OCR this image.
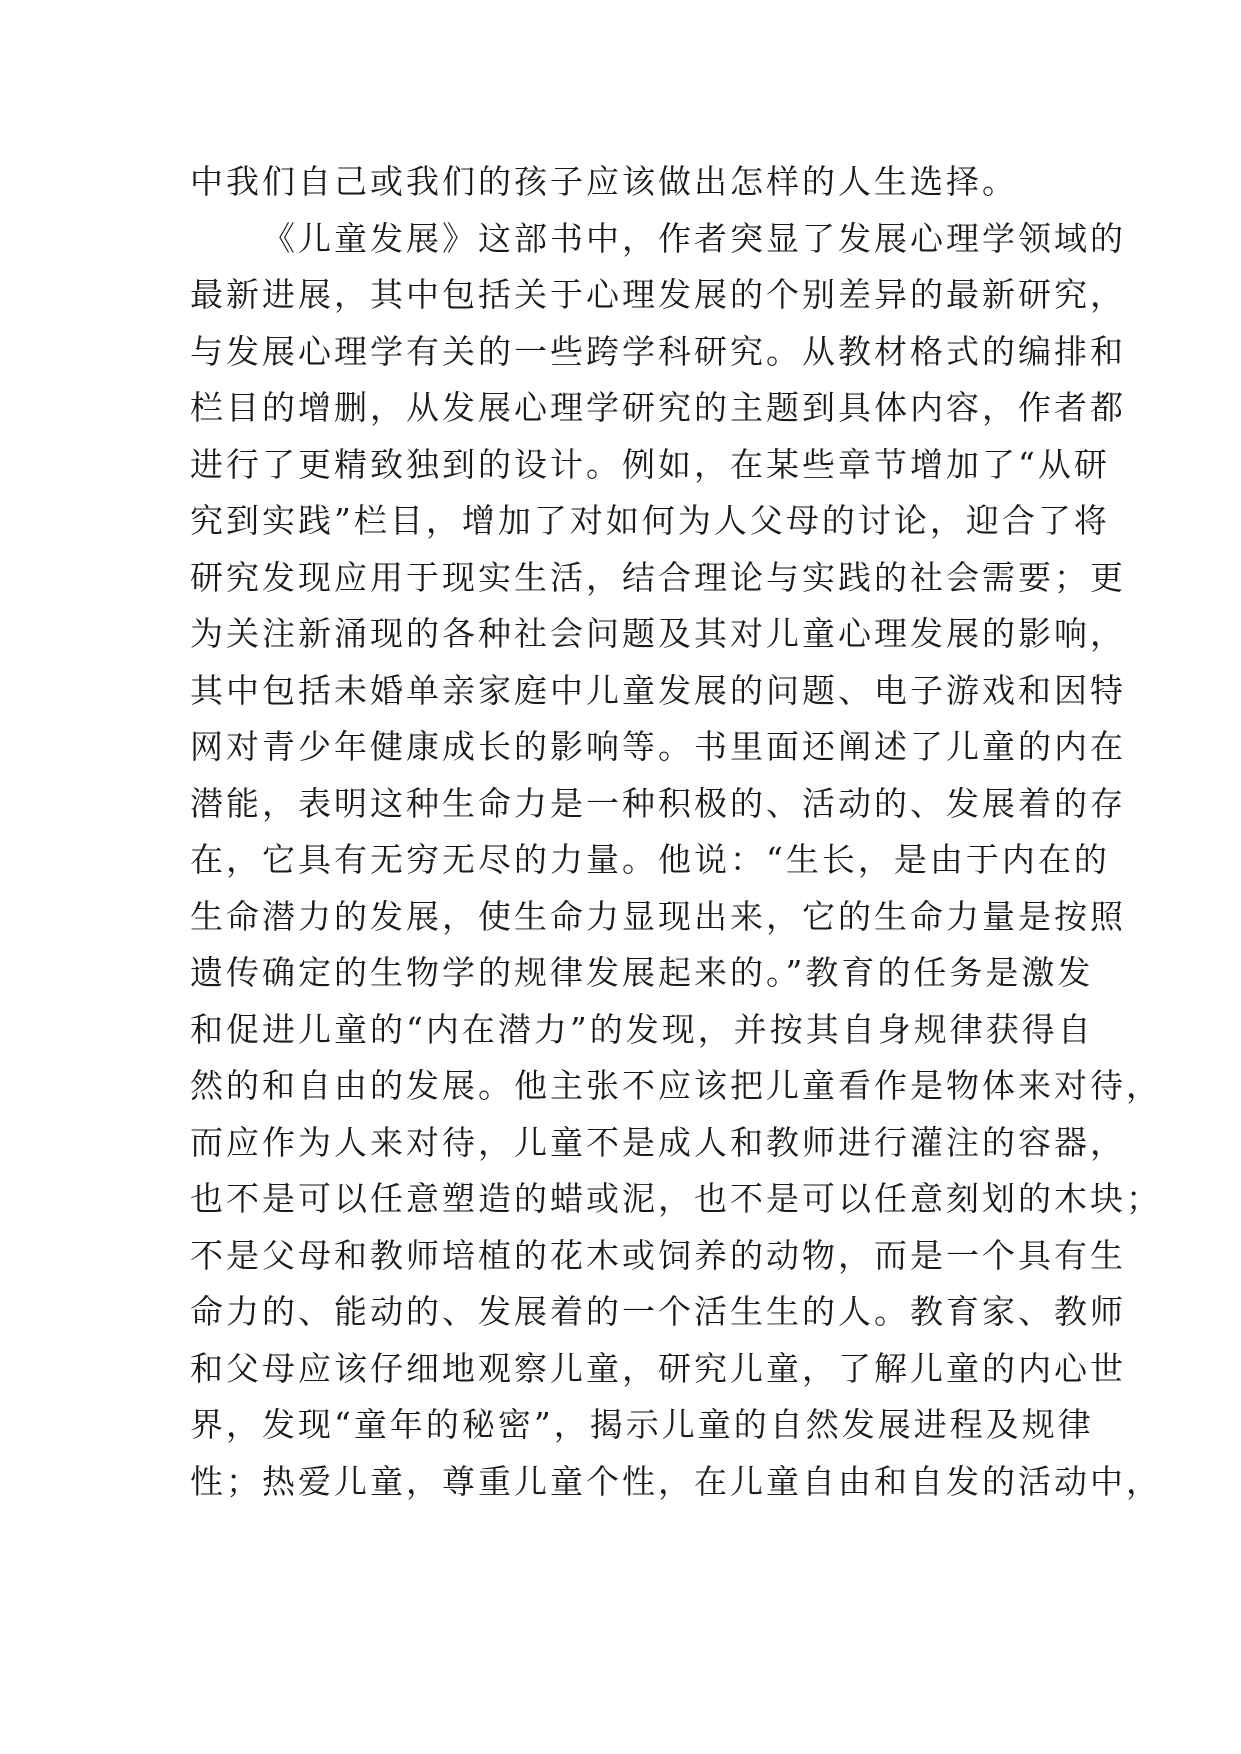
中我们自己或我们的孩子应该做出怎样的人生选择。
《儿童发展》这部书中，作者突显了发展心理学领域的
最新进展，其中包括关于心理发展的个别差异的最新研究，
与发展心理学有关的一些跨学科研究。从教材格式的编排和
栏目的增删，从发展心理学研究的主题到具体内容，作者都
进行了更精致独到的设计。例如，在某些章节增加了“从研
究到实践”栏目，增加了对如何为人父母的讨论，迎合了将
研究发现应用于现实生活，结合理论与实践的社会需要；更
为关注新涌现的各种社会问题及其对儿童心理发展的影响，
其中包括未婚单亲家庭中儿童发展的问题、电子游戏和因特
网对青少年健康成长的影响等。书里面还阐述了儿童的内在
潜能，表明这种生命力是一种积极的、活动的、发展着的存
在，它具有无穷无尽的力量。他说：“生长，是由于内在的
生命潜力的发展，使生命力显现出来，它的生命力量是按照
遗传确定的生物学的规律发展起来的。”教育的任务是激发
和促进儿童的“内在潜力”的发现，并按其自身规律获得自
然的和自由的发展。他主张不应该把儿童看作是物体来对待，
而应作为人来对待，儿童不是成人和教师进行灌注的容器，
也不是可以任意塑造的蜡或泥，也不是可以任意刻划的木块；
不是父母和教师培植的花木或饲养的动物，而是一个具有生
命力的、能动的、发展着的一个活生生的人。教育家、教师
和父母应该仔细地观察儿童，研究儿童，了解儿童的内心世
界，发现“童年的秘密”，揭示儿童的自然发展进程及规律
性；热爱儿童，尊重儿童个性，在儿童自由和自发的活动中，
